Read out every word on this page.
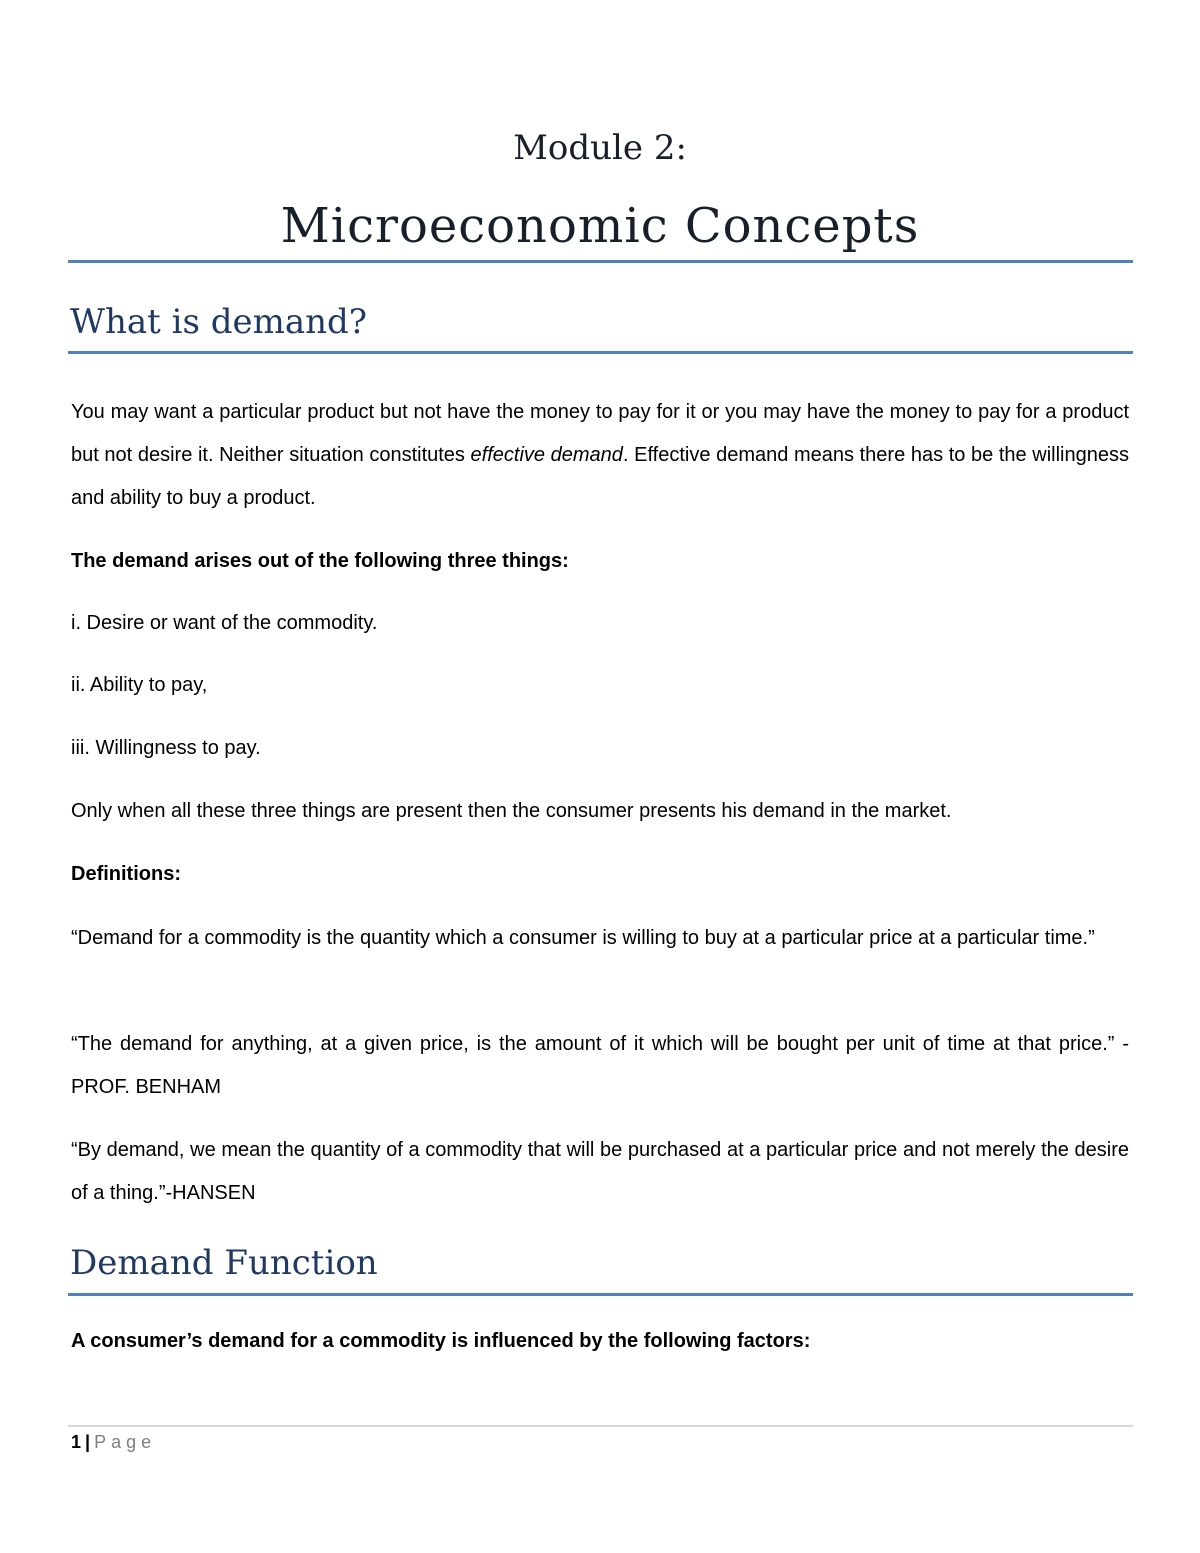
Module 2:
Microeconomic Concepts
What is demand?
You may want a particular product but not have the money to pay for it or you may have the money to pay for a product but not desire it. Neither situation constitutes effective demand. Effective demand means there has to be the willingness and ability to buy a product.
The demand arises out of the following three things:
i. Desire or want of the commodity.
ii. Ability to pay,
iii. Willingness to pay.
Only when all these three things are present then the consumer presents his demand in the market.
Definitions:
“Demand for a commodity is the quantity which a consumer is willing to buy at a particular price at a particular time.”
“The demand for anything, at a given price, is the amount of it which will be bought per unit of time at that price.” -PROF. BENHAM
“By demand, we mean the quantity of a commodity that will be purchased at a particular price and not merely the desire of a thing.”-HANSEN
Demand Function
A consumer’s demand for a commodity is influenced by the following factors:
1 | Page
